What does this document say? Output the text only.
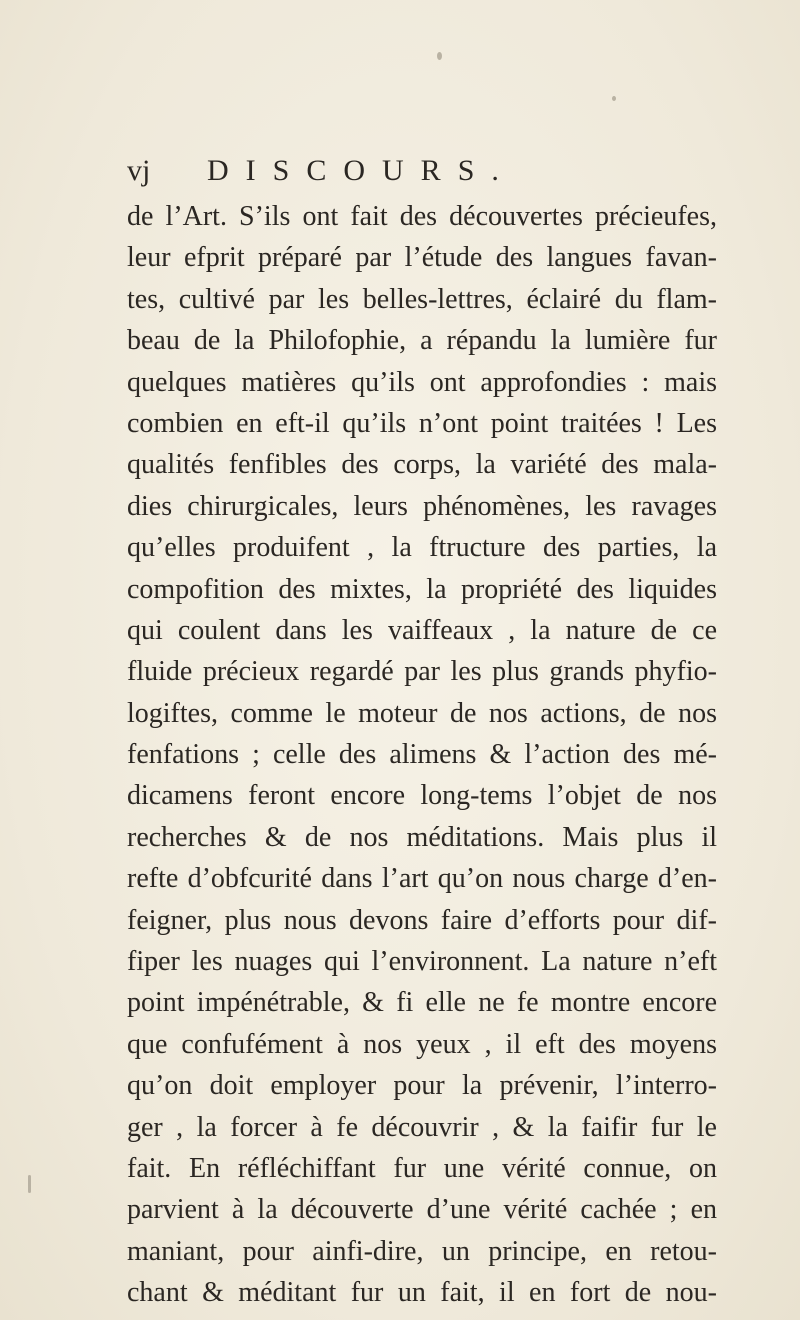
vj DISCOURS.
de l’Art. S’ils ont fait des découvertes précieufes,
leur efprit préparé par l’étude des langues favan-
tes, cultivé par les belles-lettres, éclairé du flam-
beau de la Philofophie, a répandu la lumière fur
quelques matières qu’ils ont approfondies : mais
combien en eft-il qu’ils n’ont point traitées ! Les
qualités fenfibles des corps, la variété des mala-
dies chirurgicales, leurs phénomènes, les ravages
qu’elles produifent , la ftructure des parties, la
compofition des mixtes, la propriété des liquides
qui coulent dans les vaiffeaux , la nature de ce
fluide précieux regardé par les plus grands phyfio-
logiftes, comme le moteur de nos actions, de nos
fenfations ; celle des alimens & l’action des mé-
dicamens feront encore long-tems l’objet de nos
recherches & de nos méditations. Mais plus il
refte d’obfcurité dans l’art qu’on nous charge d’en-
feigner, plus nous devons faire d’efforts pour dif-
fiper les nuages qui l’environnent. La nature n’eft
point impénétrable, & fi elle ne fe montre encore
que confufément à nos yeux , il eft des moyens
qu’on doit employer pour la prévenir, l’interro-
ger , la forcer à fe découvrir , & la faifir fur le
fait. En réfléchiffant fur une vérité connue, on
parvient à la découverte d’une vérité cachée ; en
maniant, pour ainfi-dire, un principe, en retou-
chant & méditant fur un fait, il en fort de nou-
